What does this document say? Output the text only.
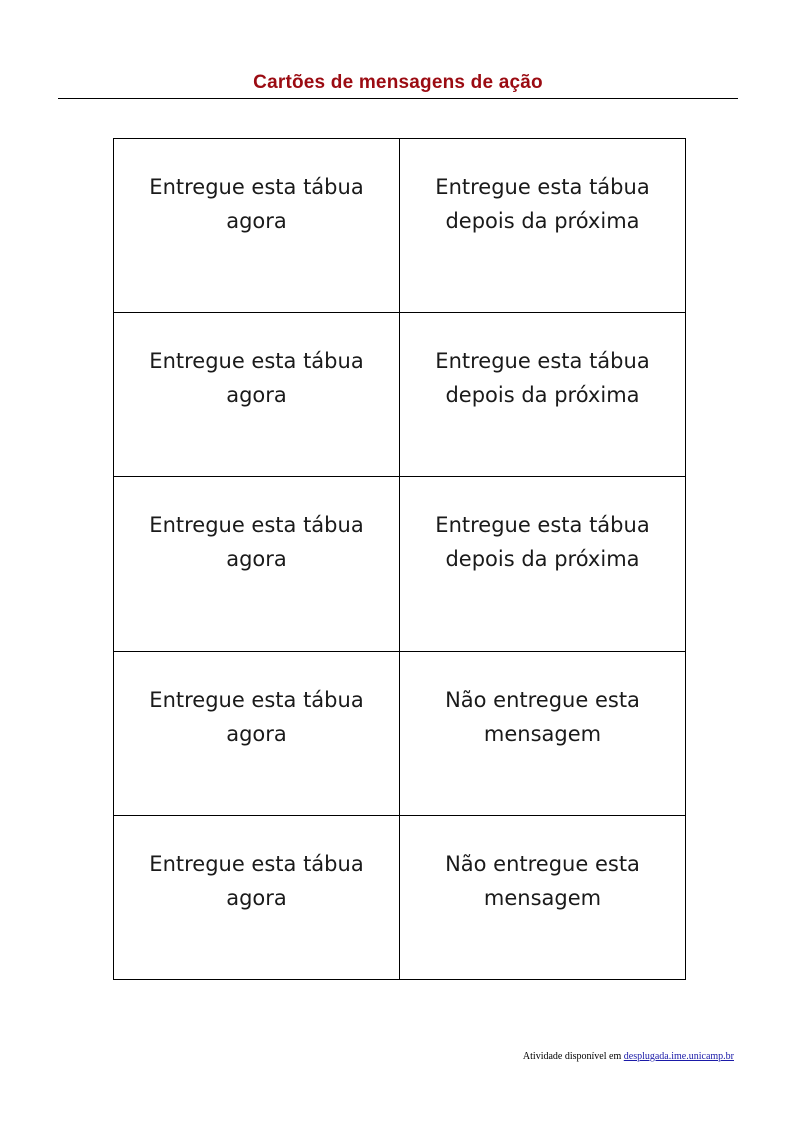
Cartões de mensagens de ação
Entregue esta tábua agora	Entregue esta tábua depois da próxima

Entregue esta tábua agora	Entregue esta tábua depois da próxima

Entregue esta tábua agora	Entregue esta tábua depois da próxima

Entregue esta tábua agora	Não entregue esta mensagem

Entregue esta tábua agora	Não entregue esta mensagem
Atividade disponível em desplugada.ime.unicamp.br
